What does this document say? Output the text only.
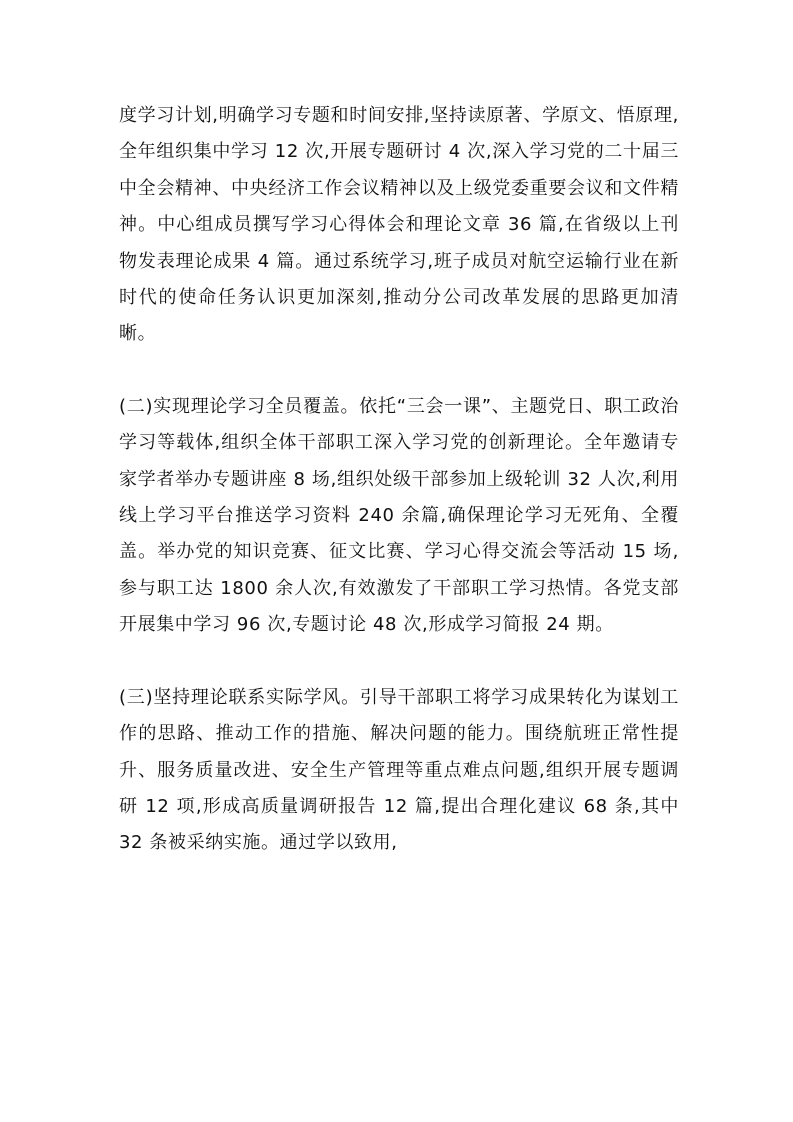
度学习计划,明确学习专题和时间安排,坚持读原著、学原文、悟原理,全年组织集中学习 12 次,开展专题研讨 4 次,深入学习党的二十届三中全会精神、中央经济工作会议精神以及上级党委重要会议和文件精神。中心组成员撰写学习心得体会和理论文章 36 篇,在省级以上刊物发表理论成果 4 篇。通过系统学习,班子成员对航空运输行业在新时代的使命任务认识更加深刻,推动分公司改革发展的思路更加清晰。

(二)实现理论学习全员覆盖。依托“三会一课”、主题党日、职工政治学习等载体,组织全体干部职工深入学习党的创新理论。全年邀请专家学者举办专题讲座 8 场,组织处级干部参加上级轮训 32 人次,利用线上学习平台推送学习资料 240 余篇,确保理论学习无死角、全覆盖。举办党的知识竞赛、征文比赛、学习心得交流会等活动 15 场,参与职工达 1800 余人次,有效激发了干部职工学习热情。各党支部开展集中学习 96 次,专题讨论 48 次,形成学习简报 24 期。

(三)坚持理论联系实际学风。引导干部职工将学习成果转化为谋划工作的思路、推动工作的措施、解决问题的能力。围绕航班正常性提升、服务质量改进、安全生产管理等重点难点问题,组织开展专题调研 12 项,形成高质量调研报告 12 篇,提出合理化建议 68 条,其中 32 条被采纳实施。通过学以致用,
